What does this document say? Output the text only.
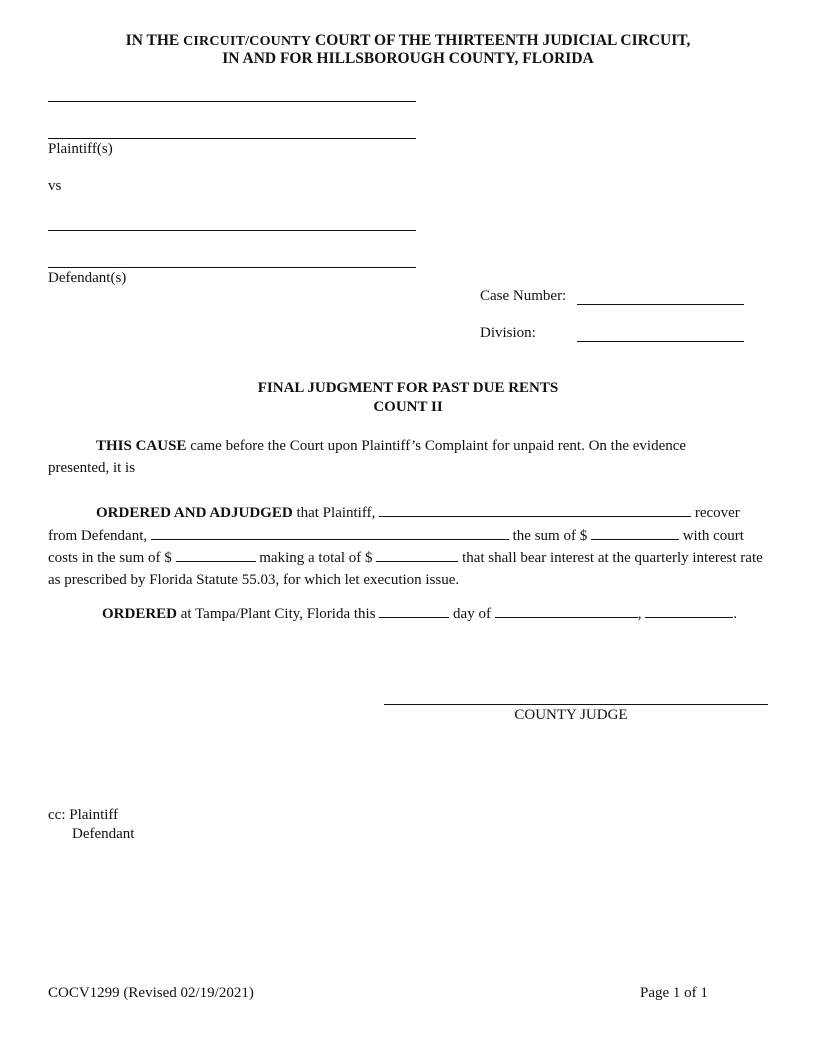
IN THE CIRCUIT/COUNTY COURT OF THE THIRTEENTH JUDICIAL CIRCUIT,
IN AND FOR HILLSBOROUGH COUNTY, FLORIDA
Plaintiff(s)
vs
Defendant(s)
Case Number:
Division:
FINAL JUDGMENT FOR PAST DUE RENTS
COUNT II
THIS CAUSE came before the Court upon Plaintiff’s Complaint for unpaid rent. On the evidence presented, it is
ORDERED AND ADJUDGED that Plaintiff,	recover from Defendant,	the sum of $	with court costs in the sum of $	making a total of $	that shall bear interest at the quarterly interest rate as prescribed by Florida Statute 55.03, for which let execution issue.
ORDERED at Tampa/Plant City, Florida this	day of	,	.
COUNTY JUDGE
cc: Plaintiff
Defendant
COCV1299 (Revised 02/19/2021)	Page 1 of 1
